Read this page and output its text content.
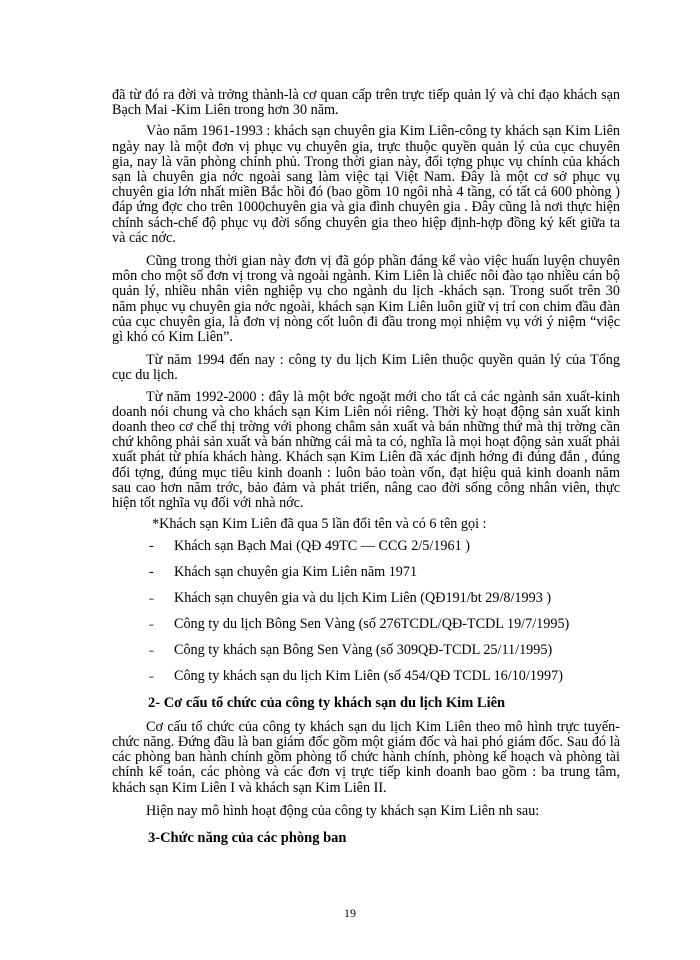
đã từ đó ra đời và trởng thành-là cơ quan cấp trên trực tiếp quản lý và chỉ đạo khách sạn Bạch Mai -Kim Liên trong hơn 30 năm.

Vào năm 1961-1993 : khách sạn chuyên gia Kim Liên-công ty khách sạn Kim Liên ngày nay là một đơn vị phục vụ chuyên gia, trực thuộc quyền quản lý của cục chuyên gia, nay là văn phòng chính phủ. Trong thời gian này, đối tợng phục vụ chính của khách sạn là chuyên gia nớc ngoài sang làm việc tại Việt Nam. Đây là một cơ sở phục vụ chuyên gia lớn nhất miền Bắc hồi đó (bao gồm 10 ngôi nhà 4 tầng, có tất cả 600 phòng ) đáp ứng đợc cho trên 1000chuyên gia và gia đình chuyên gia . Đây cũng là nơi thực hiện chính sách-chế độ phục vụ đời sống chuyên gia theo hiệp định-hợp đồng ký kết giữa ta và các nớc.

Cũng trong thời gian này đơn vị đã góp phần đáng kể vào việc huấn luyện chuyên môn cho một số đơn vị trong và ngoài ngành. Kim Liên là chiếc nôi đào tạo nhiều cán bộ quản lý, nhiều nhân viên nghiệp vụ cho ngành du lịch -khách sạn. Trong suốt trên 30 năm phục vụ chuyên gia nớc ngoài, khách sạn Kim Liên luôn giữ vị trí con chim đầu đàn của cục chuyên gia, là đơn vị nòng cốt luôn đi đầu trong mọi nhiệm vụ với ý niệm “việc gì khó có Kim Liên”.

Từ năm 1994 đến nay : công ty du lịch Kim Liên thuộc quyền quản lý của Tổng cục du lịch.

Từ năm 1992-2000 : đây là một bớc ngoặt mới cho tất cả các ngành sản xuất-kinh doanh nói chung và cho khách sạn Kim Liên nói riêng. Thời kỳ hoạt động sản xuất kinh doanh theo cơ chế thị trờng với phong châm sản xuất và bán những thứ mà thị trờng cần chứ không phải sản xuất và bán những cái mà ta có, nghĩa là mọi hoạt động sản xuất phải xuất phát từ phía khách hàng. Khách sạn Kim Liên đã xác định hớng đi đúng đắn , đúng đối tợng, đúng mục tiêu kinh doanh : luôn bảo toàn vốn, đạt hiệu quả kinh doanh năm sau cao hơn năm trớc, bảo đảm và phát triển, nâng cao đời sống công nhân viên, thực hiện tốt nghĩa vụ đối với nhà nớc.

*Khách sạn Kim Liên đã qua 5 lần đổi tên và có 6 tên gọi :

-	Khách sạn Bạch Mai (QĐ 49TC — CCG 2/5/1961 )
-	Khách sạn chuyên gia Kim Liên năm 1971
˗	Khách sạn chuyên gia và du lịch Kim Liên (QĐ191/bt 29/8/1993 )
˗	Công ty du lịch Bông Sen Vàng (số 276TCDL/QĐ-TCDL 19/7/1995)
˗	Công ty khách sạn Bông Sen Vàng (số 309QĐ-TCDL 25/11/1995)
˗	Công ty khách sạn du lịch Kim Liên (số 454/QĐ TCDL 16/10/1997)
2- Cơ cấu tổ chức của công ty khách sạn du lịch Kim Liên

Cơ cấu tổ chức của công ty khách sạn du lịch Kim Liên theo mô hình trực tuyến-chức năng. Đứng đầu là ban giám đốc gồm một giám đốc và hai phó giám đốc. Sau đó là các phòng ban hành chính gồm phòng tổ chức hành chính, phòng kế hoạch và phòng tài chính kế toán, các phòng và các đơn vị trực tiếp kinh doanh bao gồm : ba trung tâm, khách sạn Kim Liên I và khách sạn Kim Liên II.

Hiện nay mô hình hoạt động của công ty khách sạn Kim Liên nh sau:

3-Chức năng của các phòng ban
19
